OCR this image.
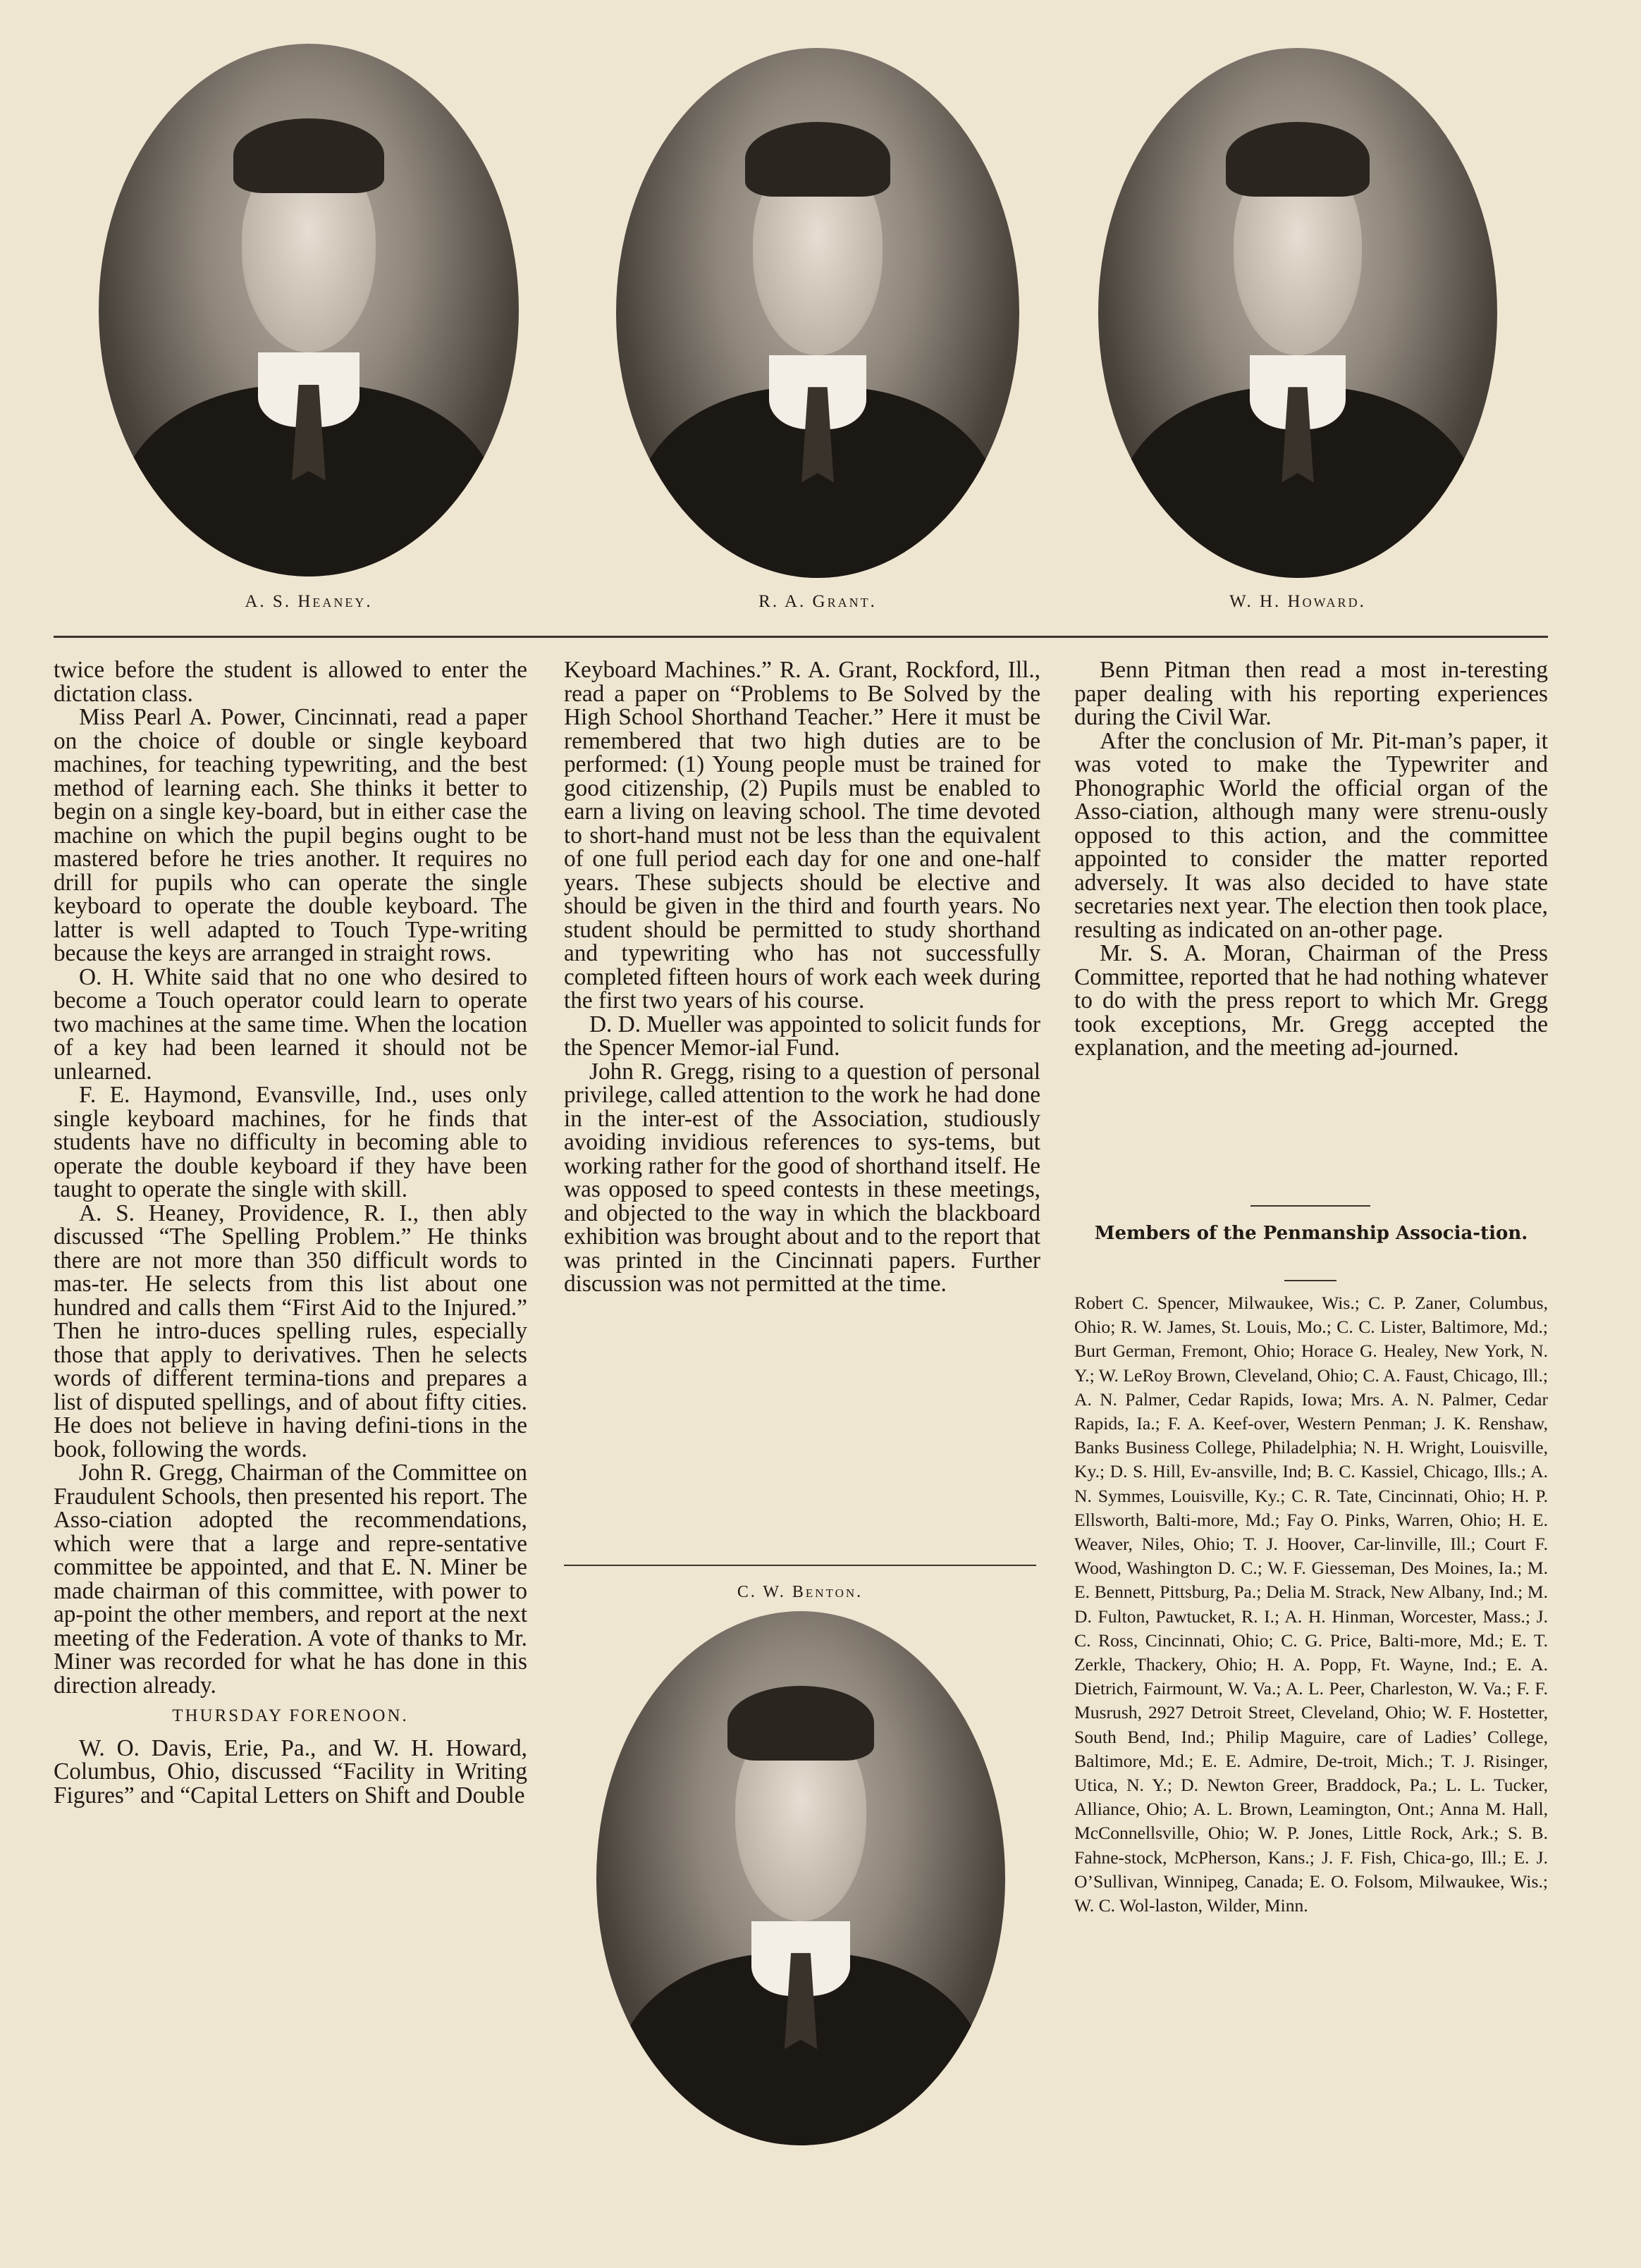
A. S. Heaney.	R. A. Grant.	W. H. Howard.

twice before the student is allowed to enter the dictation class.

Miss Pearl A. Power, Cincinnati, read a paper on the choice of double or single keyboard machines, for teaching typewriting, and the best method of learning each. She thinks it better to begin on a single key-board, but in either case the machine on which the pupil begins ought to be mastered before he tries another. It requires no drill for pupils who can operate the single keyboard to operate the double keyboard. The latter is well adapted to Touch Type-writing because the keys are arranged in straight rows.

O. H. White said that no one who desired to become a Touch operator could learn to operate two machines at the same time. When the location of a key had been learned it should not be unlearned.

F. E. Haymond, Evansville, Ind., uses only single keyboard machines, for he finds that students have no difficulty in becoming able to operate the double keyboard if they have been taught to operate the single with skill.

A. S. Heaney, Providence, R. I., then ably discussed “The Spelling Problem.” He thinks there are not more than 350 difficult words to mas-ter. He selects from this list about one hundred and calls them “First Aid to the Injured.” Then he intro-duces spelling rules, especially those that apply to derivatives. Then he selects words of different termina-tions and prepares a list of disputed spellings, and of about fifty cities. He does not believe in having defini-tions in the book, following the words.

John R. Gregg, Chairman of the Committee on Fraudulent Schools, then presented his report. The Asso-ciation adopted the recommendations, which were that a large and repre-sentative committee be appointed, and that E. N. Miner be made chairman of this committee, with power to ap-point the other members, and report at the next meeting of the Federation. A vote of thanks to Mr. Miner was recorded for what he has done in this direction already.

THURSDAY FORENOON.

W. O. Davis, Erie, Pa., and W. H. Howard, Columbus, Ohio, discussed “Facility in Writing Figures” and “Capital Letters on Shift and Double

Keyboard Machines.” R. A. Grant, Rockford, Ill., read a paper on “Problems to Be Solved by the High School Shorthand Teacher.” Here it must be remembered that two high duties are to be performed: (1) Young people must be trained for good citizenship, (2) Pupils must be enabled to earn a living on leaving school. The time devoted to short-hand must not be less than the equivalent of one full period each day for one and one-half years. These subjects should be elective and should be given in the third and fourth years. No student should be permitted to study shorthand and typewriting who has not successfully completed fifteen hours of work each week during the first two years of his course.

D. D. Mueller was appointed to solicit funds for the Spencer Memor-ial Fund.

John R. Gregg, rising to a question of personal privilege, called attention to the work he had done in the inter-est of the Association, studiously avoiding invidious references to sys-tems, but working rather for the good of shorthand itself. He was opposed to speed contests in these meetings, and objected to the way in which the blackboard exhibition was brought about and to the report that was printed in the Cincinnati papers. Further discussion was not permitted at the time.

C. W. Benton.

Benn Pitman then read a most in-teresting paper dealing with his reporting experiences during the Civil War.

After the conclusion of Mr. Pit-man’s paper, it was voted to make the Typewriter and Phonographic World the official organ of the Asso-ciation, although many were strenu-ously opposed to this action, and the committee appointed to consider the matter reported adversely. It was also decided to have state secretaries next year. The election then took place, resulting as indicated on an-other page.

Mr. S. A. Moran, Chairman of the Press Committee, reported that he had nothing whatever to do with the press report to which Mr. Gregg took exceptions, Mr. Gregg accepted the explanation, and the meeting ad-journed.

Members of the Penmanship Associa-tion.
Robert C. Spencer, Milwaukee, Wis.; C. P. Zaner, Columbus, Ohio; R. W. James, St. Louis, Mo.; C. C. Lister, Baltimore, Md.; Burt German, Fremont, Ohio; Horace G. Healey, New York, N. Y.; W. LeRoy Brown, Cleveland, Ohio; C. A. Faust, Chicago, Ill.; A. N. Palmer, Cedar Rapids, Iowa; Mrs. A. N. Palmer, Cedar Rapids, Ia.; F. A. Keef-over, Western Penman; J. K. Renshaw, Banks Business College, Philadelphia; N. H. Wright, Louisville, Ky.; D. S. Hill, Ev-ansville, Ind; B. C. Kassiel, Chicago, Ills.; A. N. Symmes, Louisville, Ky.; C. R. Tate, Cincinnati, Ohio; H. P. Ellsworth, Balti-more, Md.; Fay O. Pinks, Warren, Ohio; H. E. Weaver, Niles, Ohio; T. J. Hoover, Car-linville, Ill.; Court F. Wood, Washington D. C.; W. F. Giesseman, Des Moines, Ia.; M. E. Bennett, Pittsburg, Pa.; Delia M. Strack, New Albany, Ind.; M. D. Fulton, Pawtucket, R. I.; A. H. Hinman, Worcester, Mass.; J. C. Ross, Cincinnati, Ohio; C. G. Price, Balti-more, Md.; E. T. Zerkle, Thackery, Ohio; H. A. Popp, Ft. Wayne, Ind.; E. A. Dietrich, Fairmount, W. Va.; A. L. Peer, Charleston, W. Va.; F. F. Musrush, 2927 Detroit Street, Cleveland, Ohio; W. F. Hostetter, South Bend, Ind.; Philip Maguire, care of Ladies’ College, Baltimore, Md.; E. E. Admire, De-troit, Mich.; T. J. Risinger, Utica, N. Y.; D. Newton Greer, Braddock, Pa.; L. L. Tucker, Alliance, Ohio; A. L. Brown, Leamington, Ont.; Anna M. Hall, McConnellsville, Ohio; W. P. Jones, Little Rock, Ark.; S. B. Fahne-stock, McPherson, Kans.; J. F. Fish, Chica-go, Ill.; E. J. O’Sullivan, Winnipeg, Canada; E. O. Folsom, Milwaukee, Wis.; W. C. Wol-laston, Wilder, Minn.
